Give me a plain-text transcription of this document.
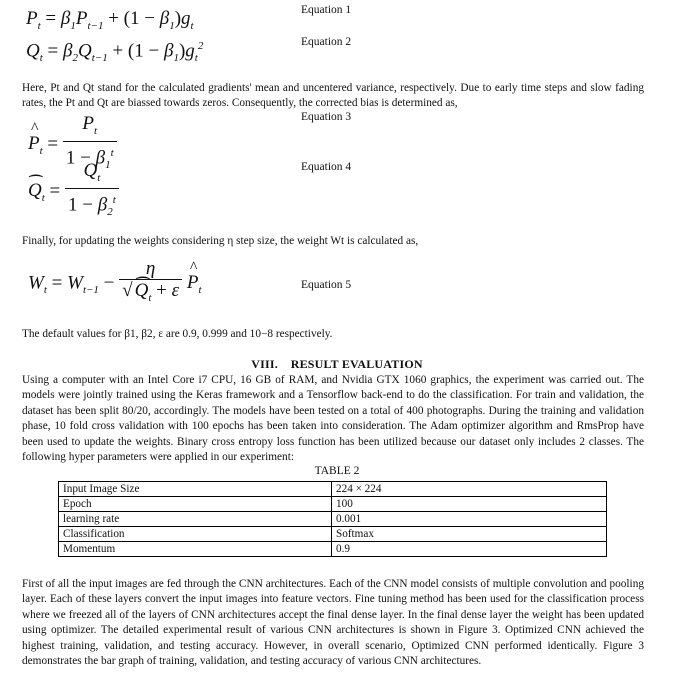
$P_t = \beta_1P_{t-1} + (1 - \beta_1)g_t$
Equation 1
$Q_t = \beta_2Q_{t-1} + (1 - \beta_1)g_t^2$	Equation 2
Here, Pt and Qt stand for the calculated gradients' mean and uncentered variance, respectively. Due to early time steps and slow fading rates, the Pt and Qt are biassed towards zeros. Consequently, the corrected bias is determined as,
^ $P_t = \frac{P_t}{1 - \beta_1^t}$	Equation 3
⌢ $Q_t = \frac{Q_t}{1 - \beta_2^t}$	Equation 4
Finally, for updating the weights considering η step size, the weight Wt is calculated as,
$W_t = W_{t-1} - \frac{\eta}{√ ⌢ Q_t + \varepsilon}$ ^ $P_t$	Equation 5
The default values for β1, β2, ε are 0.9, 0.999 and 10−8 respectively.
VIII. RESULT EVALUATION
Using a computer with an Intel Core i7 CPU, 16 GB of RAM, and Nvidia GTX 1060 graphics, the experiment was carried out. The models were jointly trained using the Keras framework and a Tensorflow back-end to do the classification. For train and validation, the dataset has been split 80/20, accordingly. The models have been tested on a total of 400 photographs. During the training and validation phase, 10 fold cross validation with 100 epochs has been taken into consideration. The Adam optimizer algorithm and RmsProp have been used to update the weights. Binary cross entropy loss function has been utilized because our dataset only includes 2 classes. The following hyper parameters were applied in our experiment:
TABLE 2
Input Image Size	224 × 224
Epoch	100
learning rate	0.001
Classification	Softmax
Momentum	0.9
First of all the input images are fed through the CNN architectures. Each of the CNN model consists of multiple convolution and pooling layer. Each of these layers convert the input images into feature vectors. Fine tuning method has been used for the classification process where we freezed all of the layers of CNN architectures accept the final dense layer. In the final dense layer the weight has been updated using optimizer. The detailed experimental result of various CNN architectures is shown in Figure 3. Optimized CNN achieved the highest training, validation, and testing accuracy. However, in overall scenario, Optimized CNN performed identically. Figure 3 demonstrates the bar graph of training, validation, and testing accuracy of various CNN architectures.
